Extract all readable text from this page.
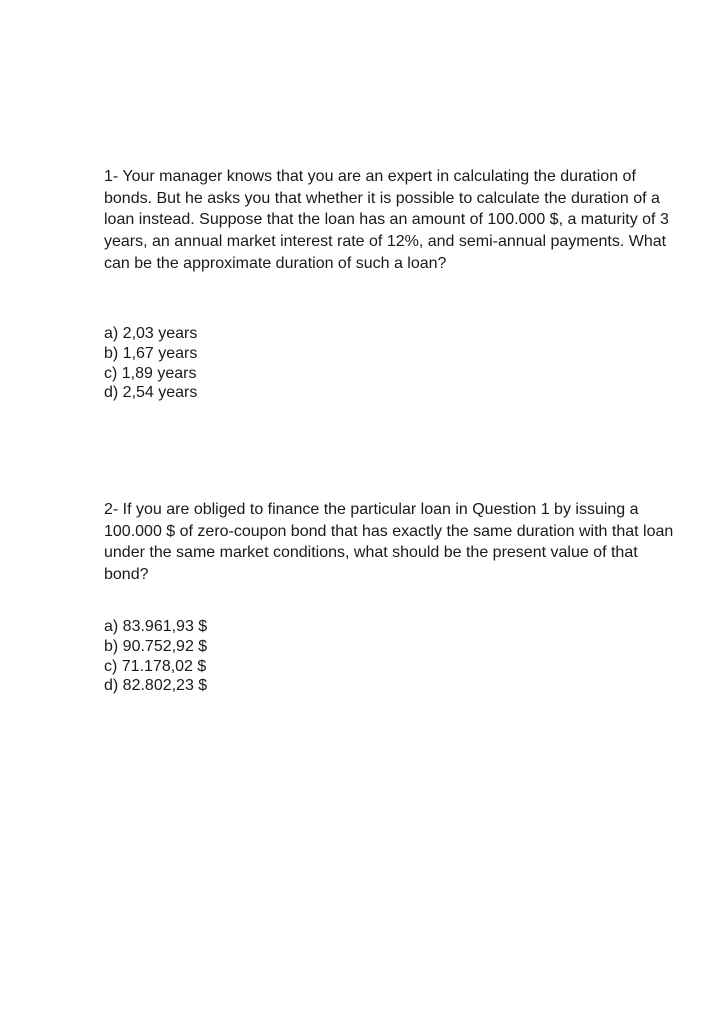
1- Your manager knows that you are an expert in calculating the duration of bonds. But he asks you that whether it is possible to calculate the duration of a loan instead. Suppose that the loan has an amount of 100.000 $, a maturity of 3 years, an annual market interest rate of 12%, and semi-annual payments. What can be the approximate duration of such a loan?

a) 2,03 years
b) 1,67 years
c) 1,89 years
d) 2,54 years

2- If you are obliged to finance the particular loan in Question 1 by issuing a 100.000 $ of zero-coupon bond that has exactly the same duration with that loan under the same market conditions, what should be the present value of that bond?

a) 83.961,93 $
b) 90.752,92 $
c) 71.178,02 $
d) 82.802,23 $
